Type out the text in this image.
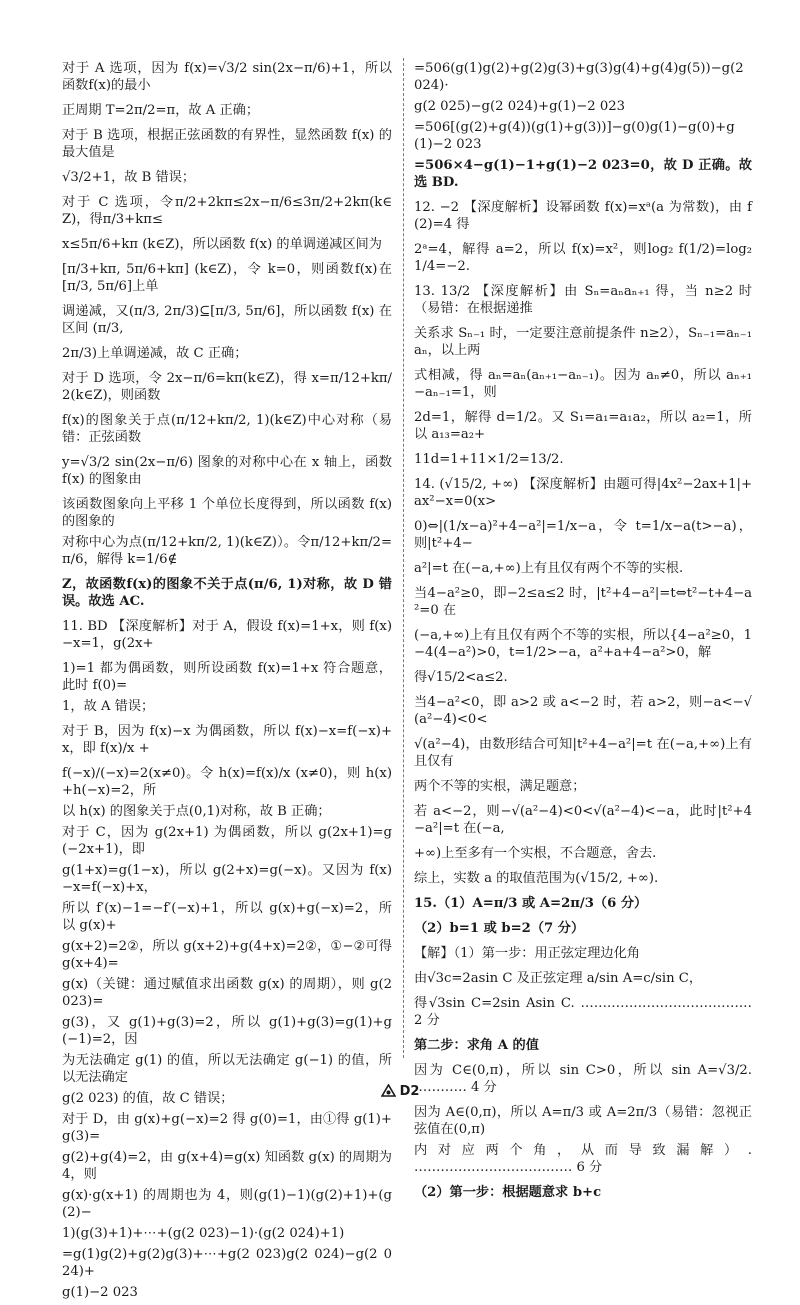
对于 A 选项，因为 f(x)=√3/2 sin(2x−π/6)+1，所以函数f(x)的最小
正周期 T=2π/2=π，故 A 正确；
对于 B 选项，根据正弦函数的有界性，显然函数 f(x) 的最大值是
√3/2+1，故 B 错误；
对于 C 选项，令π/2+2kπ≤2x−π/6≤3π/2+2kπ(k∈Z)，得π/3+kπ≤
x≤5π/6+kπ (k∈Z)，所以函数 f(x) 的单调递减区间为
[π/3+kπ, 5π/6+kπ] (k∈Z)，令 k=0，则函数f(x)在[π/3, 5π/6]上单
调递减，又(π/3, 2π/3)⊆[π/3, 5π/6]，所以函数 f(x) 在区间 (π/3,
2π/3)上单调递减，故 C 正确；
对于 D 选项，令 2x−π/6=kπ(k∈Z)，得 x=π/12+kπ/2(k∈Z)，则函数
f(x)的图象关于点(π/12+kπ/2, 1)(k∈Z)中心对称（易错：正弦函数
y=√3/2 sin(2x−π/6) 图象的对称中心在 x 轴上，函数 f(x) 的图象由
该函数图象向上平移 1 个单位长度得到，所以函数 f(x) 的图象的
对称中心为点(π/12+kπ/2, 1)(k∈Z)）。令π/12+kπ/2=π/6，解得 k=1/6∉
Z，故函数f(x)的图象不关于点(π/6, 1)对称，故 D 错误。故选 AC.
11. BD 【深度解析】对于 A，假设 f(x)=1+x，则 f(x)−x=1，g(2x+
1)=1 都为偶函数，则所设函数 f(x)=1+x 符合题意，此时 f(0)=
1，故 A 错误；
对于 B，因为 f(x)−x 为偶函数，所以 f(x)−x=f(−x)+x，即 f(x)/x +
f(−x)/(−x)=2(x≠0)。令 h(x)=f(x)/x (x≠0)，则 h(x)+h(−x)=2，所
以 h(x) 的图象关于点(0,1)对称，故 B 正确；
对于 C，因为 g(2x+1) 为偶函数，所以 g(2x+1)=g(−2x+1)，即
g(1+x)=g(1−x)，所以 g(2+x)=g(−x)。又因为 f(x)−x=f(−x)+x，
所以 f′(x)−1=−f′(−x)+1，所以 g(x)+g(−x)=2，所以 g(x)+
g(x+2)=2②，所以 g(x+2)+g(4+x)=2②，①−②可得 g(x+4)=
g(x)（关键：通过赋值求出函数 g(x) 的周期），则 g(2 023)=
g(3)，又 g(1)+g(3)=2，所以 g(1)+g(3)=g(1)+g(−1)=2，因
为无法确定 g(1) 的值，所以无法确定 g(−1) 的值，所以无法确定
g(2 023) 的值，故 C 错误；
对于 D，由 g(x)+g(−x)=2 得 g(0)=1，由①得 g(1)+g(3)=
g(2)+g(4)=2，由 g(x+4)=g(x) 知函数 g(x) 的周期为 4，则
g(x)·g(x+1) 的周期也为 4，则(g(1)−1)(g(2)+1)+(g(2)−
1)(g(3)+1)+⋯+(g(2 023)−1)·(g(2 024)+1)
=g(1)g(2)+g(2)g(3)+⋯+g(2 023)g(2 024)−g(2 024)+
g(1)−2 023
=506(g(1)g(2)+g(2)g(3)+g(3)g(4)+g(4)g(5))−g(2 024)·
g(2 025)−g(2 024)+g(1)−2 023
=506[(g(2)+g(4))(g(1)+g(3))]−g(0)g(1)−g(0)+g(1)−2 023
=506×4−g(1)−1+g(1)−2 023=0，故 D 正确。故选 BD.
12. −2 【深度解析】设幂函数 f(x)=xᵃ(a 为常数)，由 f(2)=4 得
2ᵃ=4，解得 a=2，所以 f(x)=x²，则log₂ f(1/2)=log₂ 1/4=−2.
13. 13/2 【深度解析】由 Sₙ=aₙaₙ₊₁ 得，当 n≥2 时（易错：在根据递推
关系求 Sₙ₋₁ 时，一定要注意前提条件 n≥2），Sₙ₋₁=aₙ₋₁aₙ，以上两
式相减，得 aₙ=aₙ(aₙ₊₁−aₙ₋₁)。因为 aₙ≠0，所以 aₙ₊₁−aₙ₋₁=1，则
2d=1，解得 d=1/2。又 S₁=a₁=a₁a₂，所以 a₂=1，所以 a₁₃=a₂+
11d=1+11×1/2=13/2.
14. (√15/2, +∞) 【深度解析】由题可得|4x²−2ax+1|+ax²−x=0(x>
0)⇔|(1/x−a)²+4−a²|=1/x−a，令 t=1/x−a(t>−a)，则|t²+4−
a²|=t 在(−a,+∞)上有且仅有两个不等的实根.
当4−a²≥0，即−2≤a≤2 时，|t²+4−a²|=t⇔t²−t+4−a²=0 在
(−a,+∞)上有且仅有两个不等的实根，所以{4−a²≥0，1−4(4−a²)>0，t=1/2>−a，a²+a+4−a²>0，解
得√15/2<a≤2.
当4−a²<0，即 a>2 或 a<−2 时，若 a>2，则−a<−√(a²−4)<0<
√(a²−4)，由数形结合可知|t²+4−a²|=t 在(−a,+∞)上有且仅有
两个不等的实根，满足题意；
若 a<−2，则−√(a²−4)<0<√(a²−4)<−a，此时|t²+4−a²|=t 在(−a,
+∞)上至多有一个实根，不合题意，舍去.
综上，实数 a 的取值范围为(√15/2, +∞).
15.（1）A=π/3 或 A=2π/3（6 分）
（2）b=1 或 b=2（7 分）
【解】（1）第一步：用正弦定理边化角
由√3c=2asin C 及正弦定理 a/sin A=c/sin C，
得√3sin C=2sin Asin C. ………………………………… 2 分
第二步：求角 A 的值
因为 C∈(0,π)，所以 sin C>0，所以 sin A=√3/2. ………… 4 分
因为 A∈(0,π)，所以 A=π/3 或 A=2π/3（易错：忽视正弦值在(0,π)
内对应两个角，从而导致漏解）. ……………………………… 6 分
（2）第一步：根据题意求 b+c
D2
